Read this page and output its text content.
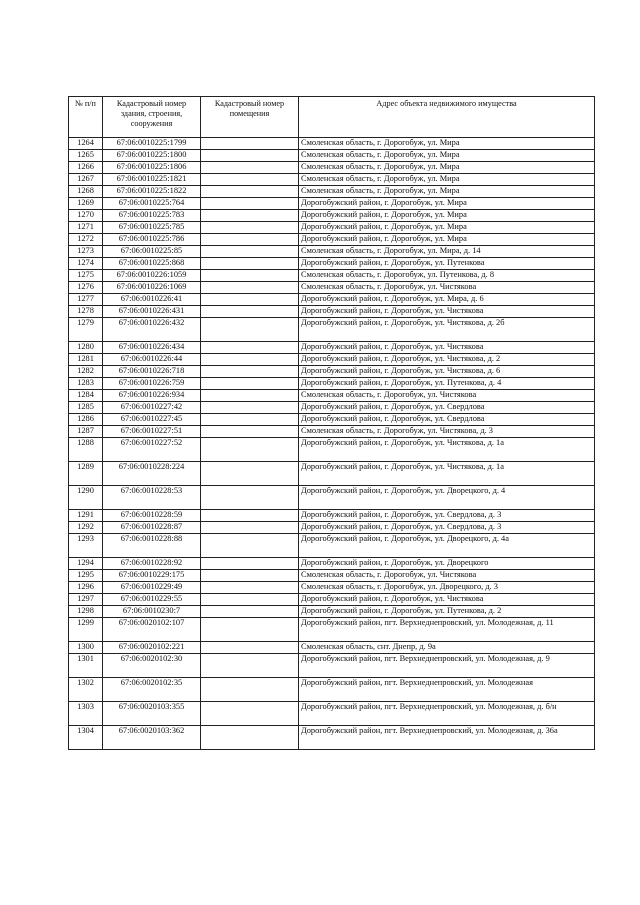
№ п/п	Кадастровый номер здания, строения, сооружения	Кадастровый номер помещения	Адрес объекта недвижимого имущества
1264	67:06:0010225:1799		Смоленская область, г. Дорогобуж, ул. Мира
1265	67:06:0010225:1800		Смоленская область, г. Дорогобуж, ул. Мира
1266	67:06:0010225:1806		Смоленская область, г. Дорогобуж, ул. Мира
1267	67:06:0010225:1821		Смоленская область, г. Дорогобуж, ул. Мира
1268	67:06:0010225:1822		Смоленская область, г. Дорогобуж, ул. Мира
1269	67:06:0010225:764		Дорогобужский район, г. Дорогобуж, ул. Мира
1270	67:06:0010225:783		Дорогобужский район, г. Дорогобуж, ул. Мира
1271	67:06:0010225:785		Дорогобужский район, г. Дорогобуж, ул. Мира
1272	67:06:0010225:786		Дорогобужский район, г. Дорогобуж, ул. Мира
1273	67:06:0010225:85		Смоленская область, г. Дорогобуж, ул. Мира, д. 14
1274	67:06:0010225:868		Дорогобужский район, г. Дорогобуж, ул. Путенкова
1275	67:06:0010226:1059		Смоленская область, г. Дорогобуж, ул. Путенкова, д. 8
1276	67:06:0010226:1069		Смоленская область, г. Дорогобуж, ул. Чистякова
1277	67:06:0010226:41		Дорогобужский район, г. Дорогобуж, ул. Мира, д. 6
1278	67:06:0010226:431		Дорогобужский район, г. Дорогобуж, ул. Чистякова
1279	67:06:0010226:432		Дорогобужский район, г. Дорогобуж, ул. Чистякова, д. 2б
1280	67:06:0010226:434		Дорогобужский район, г. Дорогобуж, ул. Чистякова
1281	67:06:0010226:44		Дорогобужский район, г. Дорогобуж, ул. Чистякова, д. 2
1282	67:06:0010226:718		Дорогобужский район, г. Дорогобуж, ул. Чистякова, д. 6
1283	67:06:0010226:759		Дорогобужский район, г. Дорогобуж, ул. Путенкова, д. 4
1284	67:06:0010226:934		Смоленская область, г. Дорогобуж, ул. Чистякова
1285	67:06:0010227:42		Дорогобужский район, г. Дорогобуж, ул. Свердлова
1286	67:06:0010227:45		Дорогобужский район, г. Дорогобуж, ул. Свердлова
1287	67:06:0010227:51		Смоленская область, г. Дорогобуж, ул. Чистякова, д. 3
1288	67:06:0010227:52		Дорогобужский район, г. Дорогобуж, ул. Чистякова, д. 1а
1289	67:06:0010228:224		Дорогобужский район, г. Дорогобуж, ул. Чистякова, д. 1а
1290	67:06:0010228:53		Дорогобужский район, г. Дорогобуж, ул. Дворецкого, д. 4
1291	67:06:0010228:59		Дорогобужский район, г. Дорогобуж, ул. Свердлова, д. 3
1292	67:06:0010228:87		Дорогобужский район, г. Дорогобуж, ул. Свердлова, д. 3
1293	67:06:0010228:88		Дорогобужский район, г. Дорогобуж, ул. Дворецкого, д. 4а
1294	67:06:0010228:92		Дорогобужский район, г. Дорогобуж, ул. Дворецкого
1295	67:06:0010229:175		Смоленская область, г. Дорогобуж, ул. Чистякова
1296	67:06:0010229:49		Смоленская область, г. Дорогобуж, ул. Дворецкого, д. 3
1297	67:06:0010229:55		Дорогобужский район, г. Дорогобуж, ул. Чистякова
1298	67:06:0010230:7		Дорогобужский район, г. Дорогобуж, ул. Путенкова, д. 2
1299	67:06:0020102:107		Дорогобужский район, пгт. Верхнеднепровский, ул. Молодежная, д. 11
1300	67:06:0020102:221		Смоленская область, снт. Днепр, д. 9а
1301	67:06:0020102:30		Дорогобужский район, пгт. Верхнеднепровский, ул. Молодежная, д. 9
1302	67:06:0020102:35		Дорогобужский район, пгт. Верхнеднепровский, ул. Молодежная
1303	67:06:0020103:355		Дорогобужский район, пгт. Верхнеднепровский, ул. Молодежная, д. б/н
1304	67:06:0020103:362		Дорогобужский район, пгт. Верхнеднепровский, ул. Молодежная, д. 36а
